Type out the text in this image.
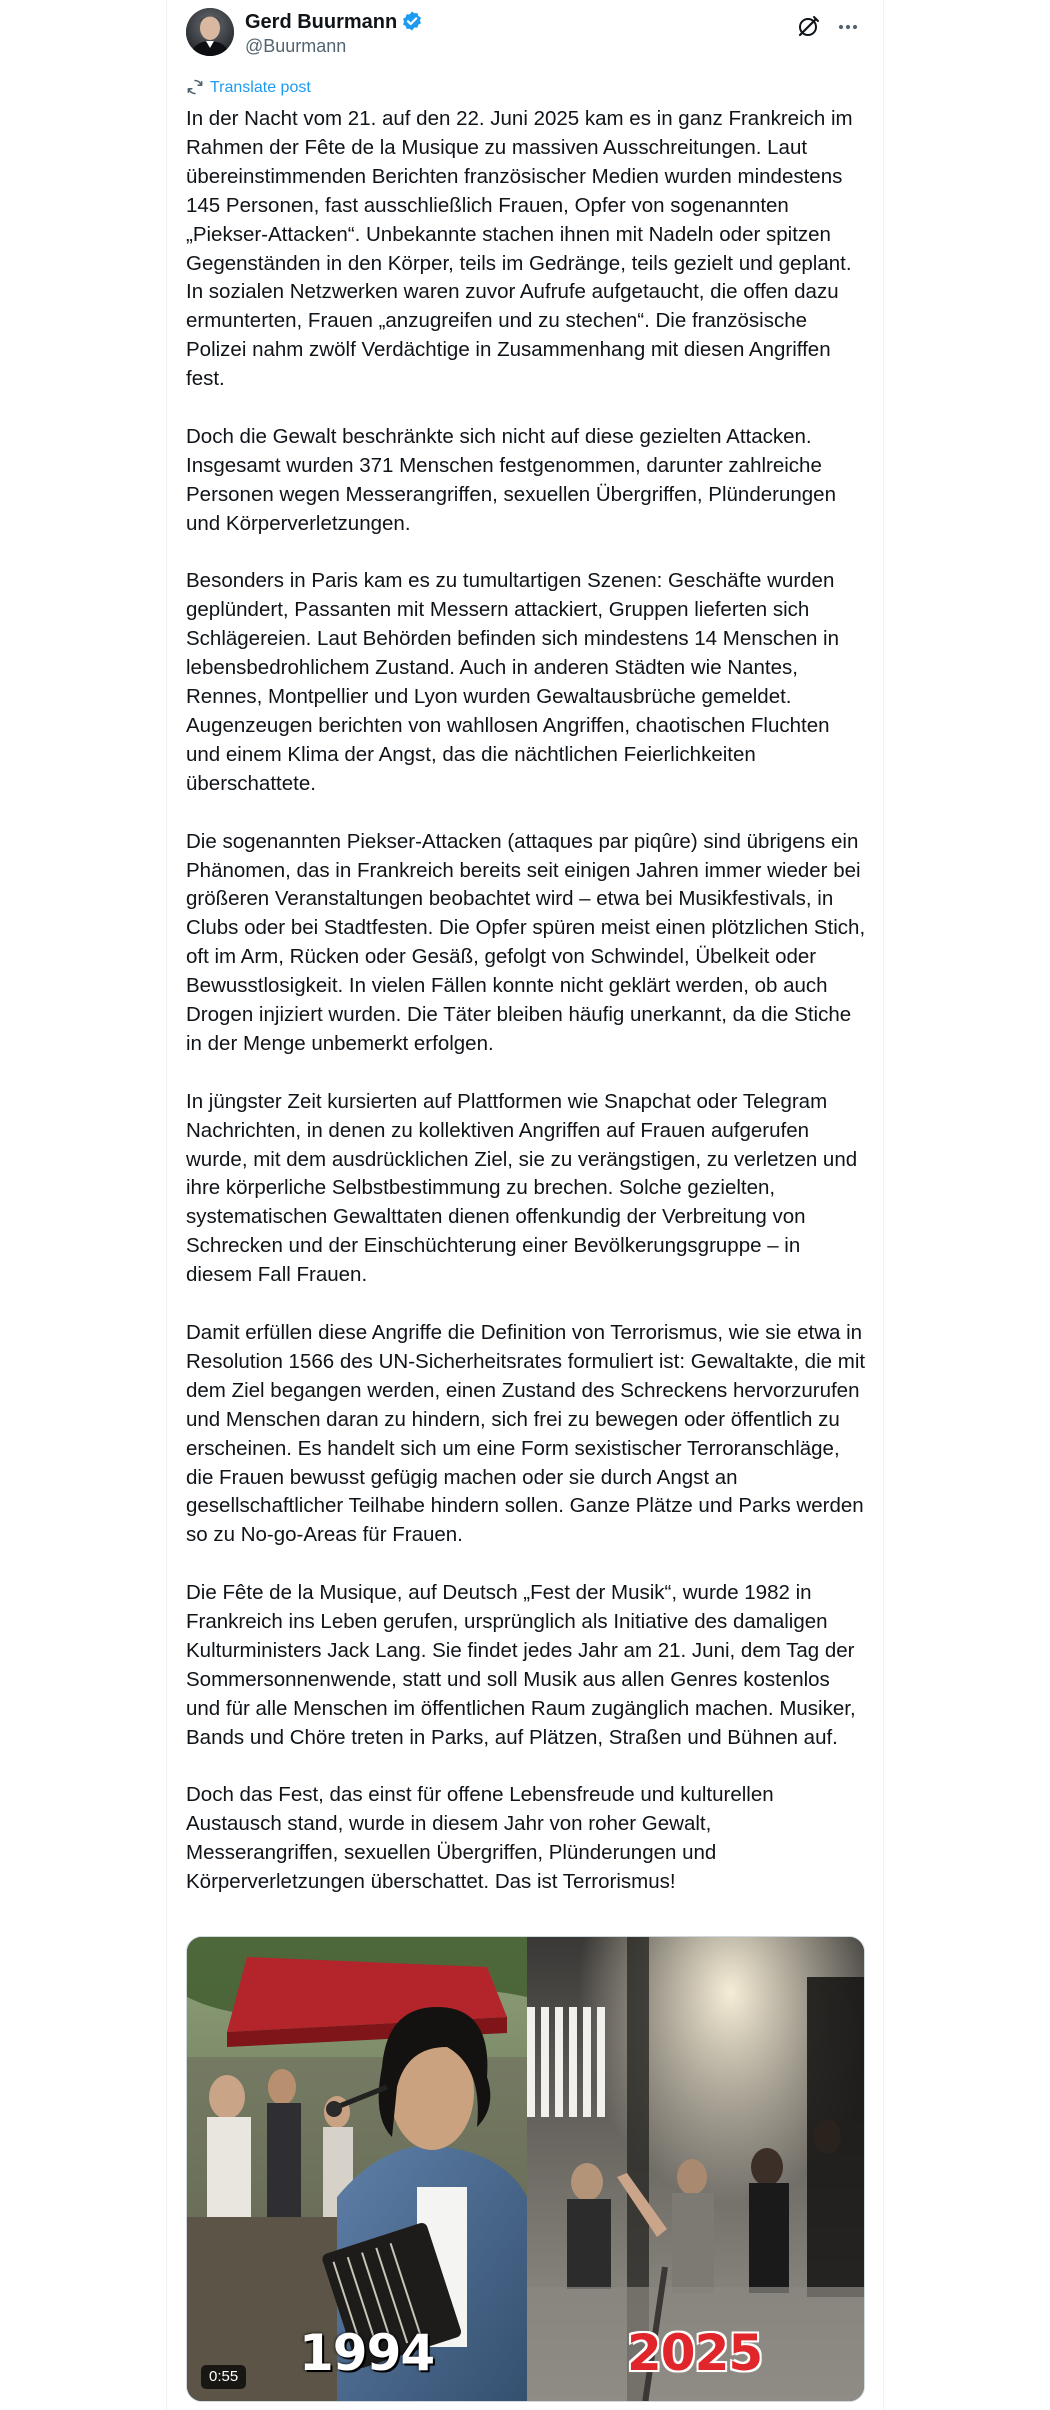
Gerd Buurmann
@Buurmann
Translate post

In der Nacht vom 21. auf den 22. Juni 2025 kam es in ganz Frankreich im Rahmen der Fête de la Musique zu massiven Ausschreitungen. Laut übereinstimmenden Berichten französischer Medien wurden mindestens 145 Personen, fast ausschließlich Frauen, Opfer von sogenannten „Piekser-Attacken“. Unbekannte stachen ihnen mit Nadeln oder spitzen Gegenständen in den Körper, teils im Gedränge, teils gezielt und geplant. In sozialen Netzwerken waren zuvor Aufrufe aufgetaucht, die offen dazu ermunterten, Frauen „anzugreifen und zu stechen“. Die französische Polizei nahm zwölf Verdächtige in Zusammenhang mit diesen Angriffen fest.

Doch die Gewalt beschränkte sich nicht auf diese gezielten Attacken. Insgesamt wurden 371 Menschen festgenommen, darunter zahlreiche Personen wegen Messerangriffen, sexuellen Übergriffen, Plünderungen und Körperverletzungen.

Besonders in Paris kam es zu tumultartigen Szenen: Geschäfte wurden geplündert, Passanten mit Messern attackiert, Gruppen lieferten sich Schlägereien. Laut Behörden befinden sich mindestens 14 Menschen in lebensbedrohlichem Zustand. Auch in anderen Städten wie Nantes, Rennes, Montpellier und Lyon wurden Gewaltausbrüche gemeldet. Augenzeugen berichten von wahllosen Angriffen, chaotischen Fluchten und einem Klima der Angst, das die nächtlichen Feierlichkeiten überschattete.

Die sogenannten Piekser-Attacken (attaques par piqûre) sind übrigens ein Phänomen, das in Frankreich bereits seit einigen Jahren immer wieder bei größeren Veranstaltungen beobachtet wird – etwa bei Musikfestivals, in Clubs oder bei Stadtfesten. Die Opfer spüren meist einen plötzlichen Stich, oft im Arm, Rücken oder Gesäß, gefolgt von Schwindel, Übelkeit oder Bewusstlosigkeit. In vielen Fällen konnte nicht geklärt werden, ob auch Drogen injiziert wurden. Die Täter bleiben häufig unerkannt, da die Stiche in der Menge unbemerkt erfolgen.

In jüngster Zeit kursierten auf Plattformen wie Snapchat oder Telegram Nachrichten, in denen zu kollektiven Angriffen auf Frauen aufgerufen wurde, mit dem ausdrücklichen Ziel, sie zu verängstigen, zu verletzen und ihre körperliche Selbstbestimmung zu brechen. Solche gezielten, systematischen Gewalttaten dienen offenkundig der Verbreitung von Schrecken und der Einschüchterung einer Bevölkerungsgruppe – in diesem Fall Frauen.

Damit erfüllen diese Angriffe die Definition von Terrorismus, wie sie etwa in Resolution 1566 des UN-Sicherheitsrates formuliert ist: Gewaltakte, die mit dem Ziel begangen werden, einen Zustand des Schreckens hervorzurufen und Menschen daran zu hindern, sich frei zu bewegen oder öffentlich zu erscheinen. Es handelt sich um eine Form sexistischer Terroranschläge, die Frauen bewusst gefügig machen oder sie durch Angst an gesellschaftlicher Teilhabe hindern sollen. Ganze Plätze und Parks werden so zu No-go-Areas für Frauen.

Die Fête de la Musique, auf Deutsch „Fest der Musik“, wurde 1982 in Frankreich ins Leben gerufen, ursprünglich als Initiative des damaligen Kulturministers Jack Lang. Sie findet jedes Jahr am 21. Juni, dem Tag der Sommersonnenwende, statt und soll Musik aus allen Genres kostenlos und für alle Menschen im öffentlichen Raum zugänglich machen. Musiker, Bands und Chöre treten in Parks, auf Plätzen, Straßen und Bühnen auf.

Doch das Fest, das einst für offene Lebensfreude und kulturellen Austausch stand, wurde in diesem Jahr von roher Gewalt, Messerangriffen, sexuellen Übergriffen, Plünderungen und Körperverletzungen überschattet. Das ist Terrorismus!

1994	2025
0:55
